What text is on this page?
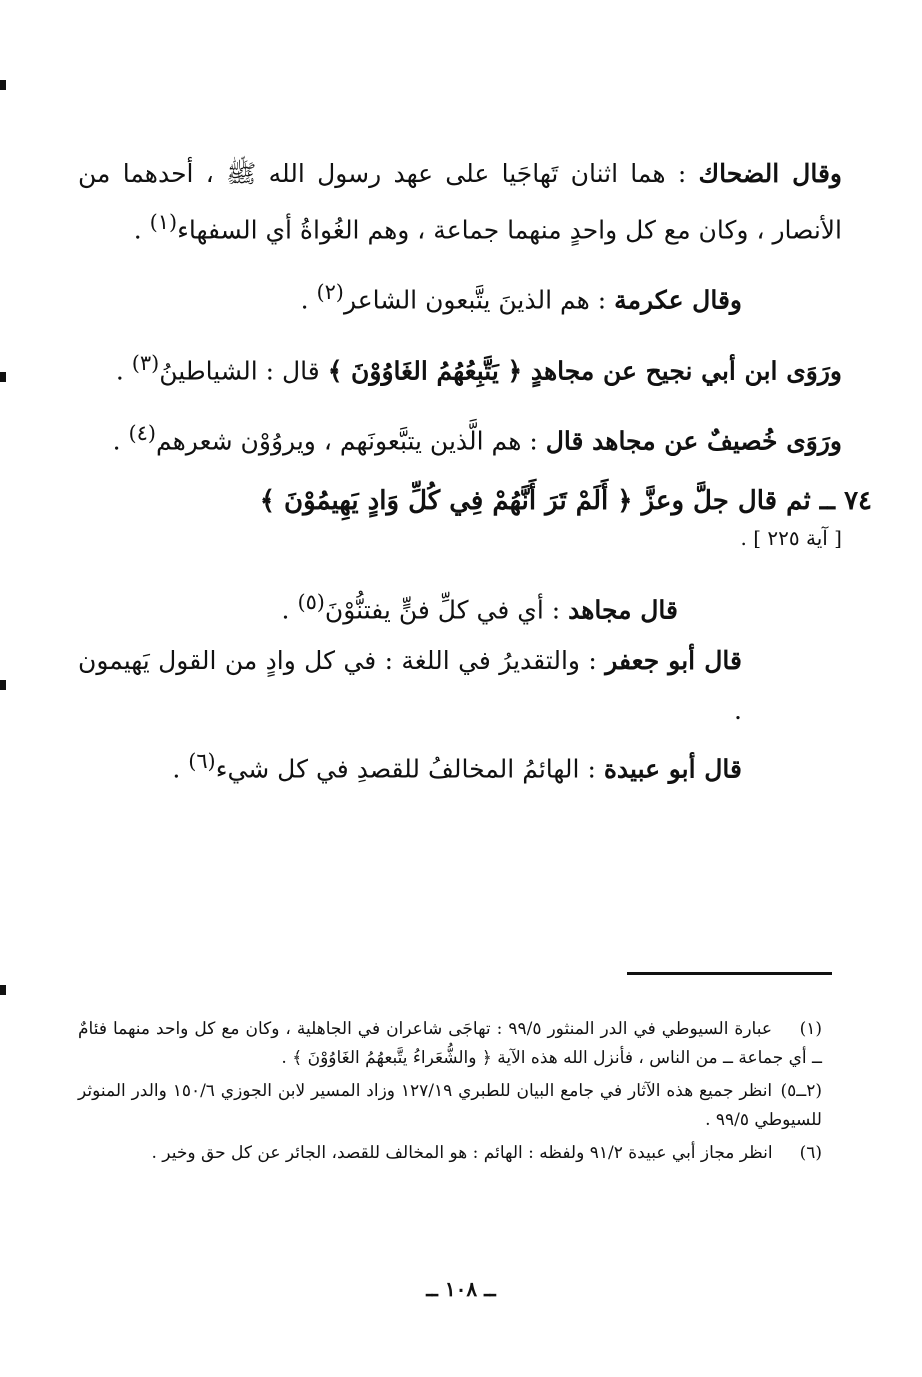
وقال الضحاك : هما اثنان تَهاجَيا على عهد رسول الله ﷺ ، أحدهما من الأنصار ، وكان مع كل واحدٍ منهما جماعة ، وهم الغُواةُ أي السفهاء$^{(١)}$ .

وقال عكرمة : هم الذينَ يتَّبعون الشاعر$^{(٢)}$ .

ورَوَى ابن أبي نجيح عن مجاهدٍ ﴿ يَتَّبِعُهُمُ الغَاوُوْنَ ﴾ قال : الشياطينُ$^{(٣)}$ .

ورَوَى خُصيفٌ عن مجاهد قال : هم الَّذين يتبَّعونَهم ، ويروُوْن شعرهم$^{(٤)}$ .

٧٤ ــ ثم قال جلَّ وعزَّ ﴿ أَلَمْ تَرَ أَنَّهُمْ فِي كُلِّ وَادٍ يَهِيمُوْنَ ﴾

[ آية ٢٢٥ ] .

قال مجاهد : أي في كلِّ فنٍّ يفتنُّوْنَ$^{(٥)}$ .

قال أبو جعفر : والتقديرُ في اللغة : في كل وادٍ من القول يَهيمون .

قال أبو عبيدة : الهائمُ المخالفُ للقصدِ في كل شيء$^{(٦)}$ .

(١) عبارة السيوطي في الدر المنثور ٩٩/٥ : تهاجَى شاعران في الجاهلية ، وكان مع كل واحد منهما فئامٌ ــ أي جماعة ــ من الناس ، فأنزل الله هذه الآية ﴿ والشُّعَراءُ يتَّبعهُمُ الغَاوُوْنَ ﴾ .

(٢ــ٥) انظر جميع هذه الآثار في جامع البيان للطبري ١٢٧/١٩ وزاد المسير لابن الجوزي ١٥٠/٦ والدر المنوثر للسيوطي ٩٩/٥ .

(٦) انظر مجاز أبي عبيدة ٩١/٢ ولفظه : الهائم : هو المخالف للقصد، الجائر عن كل حق وخير .

ــ ١٠٨ ــ
